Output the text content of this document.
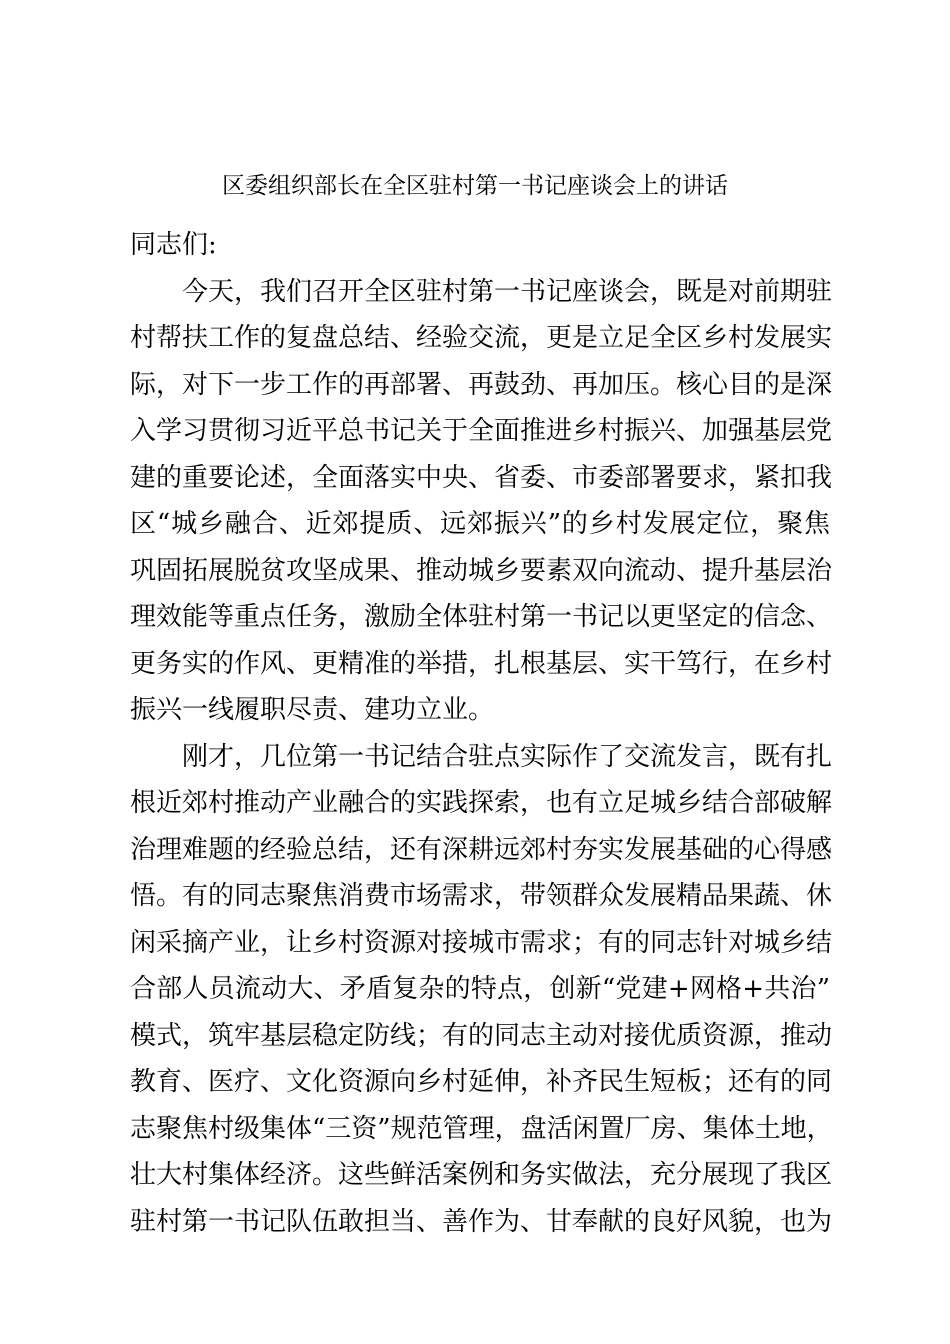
区委组织部长在全区驻村第一书记座谈会上的讲话
同志们:
今天，我们召开全区驻村第一书记座谈会，既是对前期驻
村帮扶工作的复盘总结、经验交流，更是立足全区乡村发展实
际，对下一步工作的再部署、再鼓劲、再加压。核心目的是深
入学习贯彻习近平总书记关于全面推进乡村振兴、加强基层党
建的重要论述，全面落实中央、省委、市委部署要求，紧扣我
区“城乡融合、近郊提质、远郊振兴”的乡村发展定位，聚焦
巩固拓展脱贫攻坚成果、推动城乡要素双向流动、提升基层治
理效能等重点任务，激励全体驻村第一书记以更坚定的信念、
更务实的作风、更精准的举措，扎根基层、实干笃行，在乡村
振兴一线履职尽责、建功立业。
刚才，几位第一书记结合驻点实际作了交流发言，既有扎
根近郊村推动产业融合的实践探索，也有立足城乡结合部破解
治理难题的经验总结，还有深耕远郊村夯实发展基础的心得感
悟。有的同志聚焦消费市场需求，带领群众发展精品果蔬、休
闲采摘产业，让乡村资源对接城市需求；有的同志针对城乡结
合部人员流动大、矛盾复杂的特点，创新“党建+网格+共治”
模式，筑牢基层稳定防线；有的同志主动对接优质资源，推动
教育、医疗、文化资源向乡村延伸，补齐民生短板；还有的同
志聚焦村级集体“三资”规范管理，盘活闲置厂房、集体土地，
壮大村集体经济。这些鲜活案例和务实做法，充分展现了我区
驻村第一书记队伍敢担当、善作为、甘奉献的良好风貌，也为
